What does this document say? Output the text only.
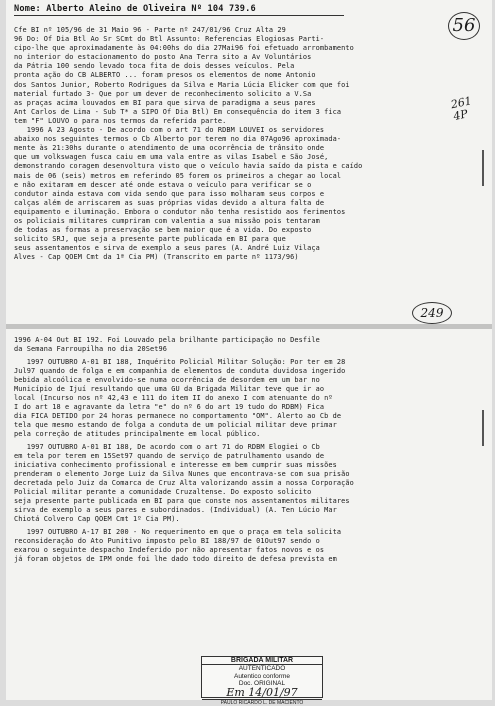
Nome: Alberto Aleino de Oliveira Nº 104 739.6
56
261 4P

Cfe BI nº 105/96 de 31 Maio 96 - Parte nº 247/01/96 Cruz Alta 29

96 Do: Of Dia Btl Ao Sr SCmt do Btl Assunto: Referencias Elogiosas Parti-

cipo-lhe que aproximadamente às 04:00hs do dia 27Mai96 foi efetuado arrombamento

no interior do estacionamento do posto Ana Terra sito a Av Voluntários

da Pátria 100 sendo levado toca fita de dois desses veículos. Pela

pronta ação do CB ALBERTO ... foram presos os elementos de nome Antonio

dos Santos Junior, Roberto Rodrigues da Silva e Maria Lúcia Elicker com que foi

material furtado 3- Que por um dever de reconhecimento solicito a V.Sa

as praças acima louvados em BI para que sirva de paradigma a seus pares

Ant Carlos de Lima - Sub T* a SIPO Of Dia Btl) Em consequência do item 3 fica

tem "F" LOUVO o para nos termos da referida parte.

1996 A 23 Agosto - De acordo com o art 71 do RDBM LOUVEI os servidores

abaixo nos seguintes termos o Cb Alberto por terem no dia 07Ago96 aproximada-

mente às 21:30hs durante o atendimento de uma ocorrência de trânsito onde

que um volkswagen fusca caiu em uma vala entre as vilas Isabel e São José,

demonstrando coragem desenvoltura visto que o veículo havia saído da pista e caído

mais de 06 (seis) metros em referindo 05 forem os primeiros a chegar ao local

e não exitaram em descer até onde estava o veículo para verificar se o

condutor ainda estava com vida sendo que para isso molharam seus corpos e

calças além de arriscarem as suas próprias vidas devido a altura falta de

equipamento e iluminação. Embora o condutor não tenha resistido aos ferimentos

os policiais militares cumpriram com valentia a sua missão pois tentaram

de todas as formas a preservação se bem maior que é a vida. Do exposto

solicito SRJ, que seja a presente parte publicada em BI para que

seus assentamentos e sirva de exemplo a seus pares (A. André Luiz Vilaça

Alves - Cap QOEM Cmt da 1ª Cia PM) (Transcrito em parte nº 1173/96)

249

1996 A-04 Out BI 192. Foi Louvado pela brilhante participação no Desfile

da Semana Farroupilha no dia 20Set96

1997 OUTUBRO A-01 BI 188, Inquérito Policial Militar Solução: Por ter em 28

Jul97 quando de folga e em companhia de elementos de conduta duvidosa ingerido

bebida alcoólica e envolvido-se numa ocorrência de desordem em um bar no

Município de Ijuí resultando que uma GU da Brigada Militar teve que ir ao

local (Incurso nos nº 42,43 e 111 do item II do anexo I com atenuante do nº

I do art 18 e agravante da letra "e" do nº 6 do art 19 tudo do RDBM) Fica

dia FICA DETIDO por 24 horas permanece no comportamento "OM". Alerto ao Cb de

tela que mesmo estando de folga a conduta de um policial militar deve primar

pela correção de atitudes principalmente em local público.

1997 OUTUBRO A-01 BI 188, De acordo com o art 71 do RDBM Elogiei o Cb

em tela por terem em 15Set97 quando de serviço de patrulhamento usando de

iniciativa conhecimento profissional e interesse em bem cumprir suas missões

prenderam o elemento Jorge Luiz da Silva Nunes que encontrava-se com sua prisão

decretada pelo Juiz da Comarca de Cruz Alta valorizando assim a nossa Corporação

Policial militar perante a comunidade Cruzaltense. Do exposto solicito

seja presente parte publicada em BI para que conste nos assentamentos militares

sirva de exemplo a seus pares e subordinados. (Individual) (A. Ten Lúcio Mar

Chiotá Colvero Cap QOEM Cmt 1º Cia PM).

1997 OUTUBRO A-17 BI 200 - No requerimento em que o praça em tela solicita

reconsideração do Ato Punitivo imposto pelo BI 188/97 de 01Out97 sendo o

exarou o seguinte despacho Indeferido por não apresentar fatos novos e os

já foram objetos de IPM onde foi lhe dado todo direito de defesa prevista em

BRIGADA MILITAR
AUTENTICADO
Autentico conforme
Doc. ORIGINAL
Em 14/01/97
PAULO RICARDO L. DE MACIENTO
